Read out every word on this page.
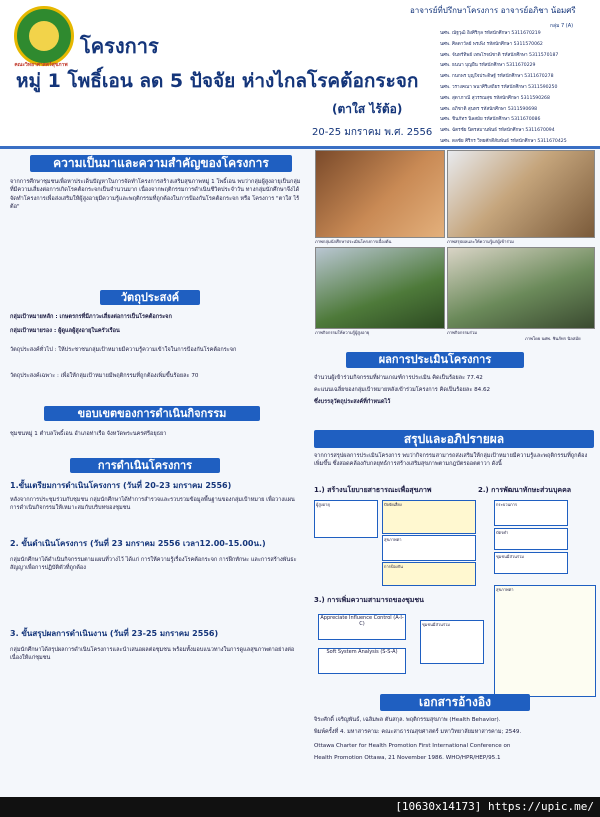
คณะวิทยาศาสตร์สุขภาพ
โครงการ
หมู่ 1 โพธิ์เอน ลด 5 ปัจจัย ห่างไกลโรคต้อกระจก
(ตาใส ไร้ต้อ)
20-25 มกราคม พ.ศ. 2556
อาจารย์ที่ปรึกษาโครงการ อาจารย์อภิชา น้อมศรี
กลุ่ม 7 (A)
นศพ. ณัฐวุฒิ อิงศิริกุล รหัสนักศึกษา 5311670219
นศพ. ศิลดาวัลย์ พรเพ็ง รหัสนักศึกษา 5311570062
นศพ. จันทร์ทิพย์ เทพโรจน์ชาติ รหัสนักศึกษา 5311570187
นศพ. ธนนา บุญยืน รหัสนักศึกษา 5311670229
นศพ. กนกพร บุญใจประดิษฐ์ รหัสนักศึกษา 5311670278
นศพ. วรางคณา พนาศิริเสถียร รหัสนักศึกษา 5311590250
นศพ. สุดาภาณี สุวรรณสุข รหัสนักศึกษา 5311590268
นศพ. อภิชาติ สุนทร รหัสนักศึกษา 5311590698
นศพ. ชินภัทร นิลสมัย รหัสนักศึกษา 5311670086
นศพ. ฉัตรชัย นิตรสมานพันธ์ รหัสนักศึกษา 5311670094
นศพ. ดลชัย ศิริกร วิทยศักดิ์สัมพันธ์ รหัสนักศึกษา 5311670425
ความเป็นมาและความสำคัญของโครงการ
จากการศึกษาชุมชนเพื่อหาประเด็นปัญหาในการจัดทำโครงการสร้างเสริมสุขภาพหมู่ 1 โพธิ์เอน พบว่ากลุ่มผู้สูงอายุเป็นกลุ่มที่มีความเสี่ยงต่อการเกิดโรคต้อกระจกเป็นจำนวนมาก เนื่องจากพฤติกรรมการดำเนินชีวิตประจำวัน ทางกลุ่มนักศึกษาจึงได้จัดทำโครงการเพื่อส่งเสริมให้ผู้สูงอายุมีความรู้และพฤติกรรมที่ถูกต้องในการป้องกันโรคต้อกระจก หรือ โครงการ "ตาใส ไร้ต้อ"
วัตถุประสงค์
กลุ่มเป้าหมายหลัก : เกษตรกรที่มีภาวะเสี่ยงต่อการเป็นโรคต้อกระจก
กลุ่มเป้าหมายรอง : ผู้ดูแลผู้สูงอายุในครัวเรือน
วัตถุประสงค์ทั่วไป : ให้ประชาชนกลุ่มเป้าหมายมีความรู้ความเข้าใจในการป้องกันโรคต้อกระจก
วัตถุประสงค์เฉพาะ : เพื่อให้กลุ่มเป้าหมายมีพฤติกรรมที่ถูกต้องเพิ่มขึ้นร้อยละ 70
ขอบเขตของการดำเนินกิจกรรม
ชุมชนหมู่ 1 ตำบลโพธิ์เอน อำเภอท่าเรือ จังหวัดพระนครศรีอยุธยา
การดำเนินโครงการ
1.ขั้นเตรียมการดำเนินโครงการ (วันที่ 20-23 มกราคม 2556)
หลังจากการประชุมร่วมกับชุมชน กลุ่มนักศึกษาได้ทำการสำรวจและรวบรวมข้อมูลพื้นฐานของกลุ่มเป้าหมาย เพื่อวางแผนการดำเนินกิจกรรมให้เหมาะสมกับบริบทของชุมชน
2. ขั้นดำเนินโครงการ (วันที่ 23 มกราคม 2556 เวลา12.00-15.00น.)
กลุ่มนักศึกษาได้ดำเนินกิจกรรมตามแผนที่วางไว้ ได้แก่ การให้ความรู้เรื่องโรคต้อกระจก การฝึกทักษะ และการสร้างพันธะสัญญาเพื่อการปฏิบัติตัวที่ถูกต้อง
3. ขั้นสรุปผลการดำเนินงาน (วันที่ 23-25 มกราคม 2556)
กลุ่มนักศึกษาได้สรุปผลการดำเนินโครงการและนำเสนอผลต่อชุมชน พร้อมทั้งมอบแนวทางในการดูแลสุขภาพตาอย่างต่อเนื่องให้แก่ชุมชน
ภาพกลุ่มนักศึกษาประเมินโครงการเบื้องต้น	ภาพสรุปผลและให้ความรู้แก่ผู้เข้าร่วม
ภาพกิจกรรมให้ความรู้ผู้สูงอายุ	ภาพกิจกรรมร่วม
ภาพโดย นศพ. ชินภัทร นิลสมัย
ผลการประเมินโครงการ
จำนวนผู้เข้าร่วมกิจกรรมที่ผ่านเกณฑ์การประเมิน คิดเป็นร้อยละ 77.42
คะแนนเฉลี่ยของกลุ่มเป้าหมายหลังเข้าร่วมโครงการ คิดเป็นร้อยละ 84.62
ซึ่งบรรลุวัตถุประสงค์ที่กำหนดไว้
สรุปและอภิปรายผล
จากการสรุปผลการประเมินโครงการ พบว่ากิจกรรมสามารถส่งเสริมให้กลุ่มเป้าหมายมีความรู้และพฤติกรรมที่ถูกต้องเพิ่มขึ้น ซึ่งสอดคล้องกับกลยุทธ์การสร้างเสริมสุขภาพตามกฎบัตรออตตาวา ดังนี้
1.) สร้างนโยบายสาธารณะเพื่อสุขภาพ	2.) การพัฒนาทักษะส่วนบุคคล
ผู้สูงอายุ	ปัจจัยเสี่ยง
สุขภาพตา
การป้องกัน
กระบวนการ
บัตรคำ
ชุมชนมีส่วนร่วม
3.) การเพิ่มความสามารถของชุมชน
Appreciate Influence Control (A-I-C)
Soft System Analysis (S-S-A)
ชุมชนมีส่วนร่วม
สุขภาพตา
เอกสารอ้างอิง
จิระศักดิ์ เจริญพันธ์, เฉลิมพล ตันสกุล. พฤติกรรมสุขภาพ (Health Behavior).
พิมพ์ครั้งที่ 4. มหาสารคาม: คณะสาธารณสุขศาสตร์ มหาวิทยาลัยมหาสารคาม; 2549.
Ottawa Charter for Health Promotion First International Conference on
Health Promotion Ottawa, 21 November 1986. WHO/HPR/HEP/95.1
[10630x14173] https://upic.me/
